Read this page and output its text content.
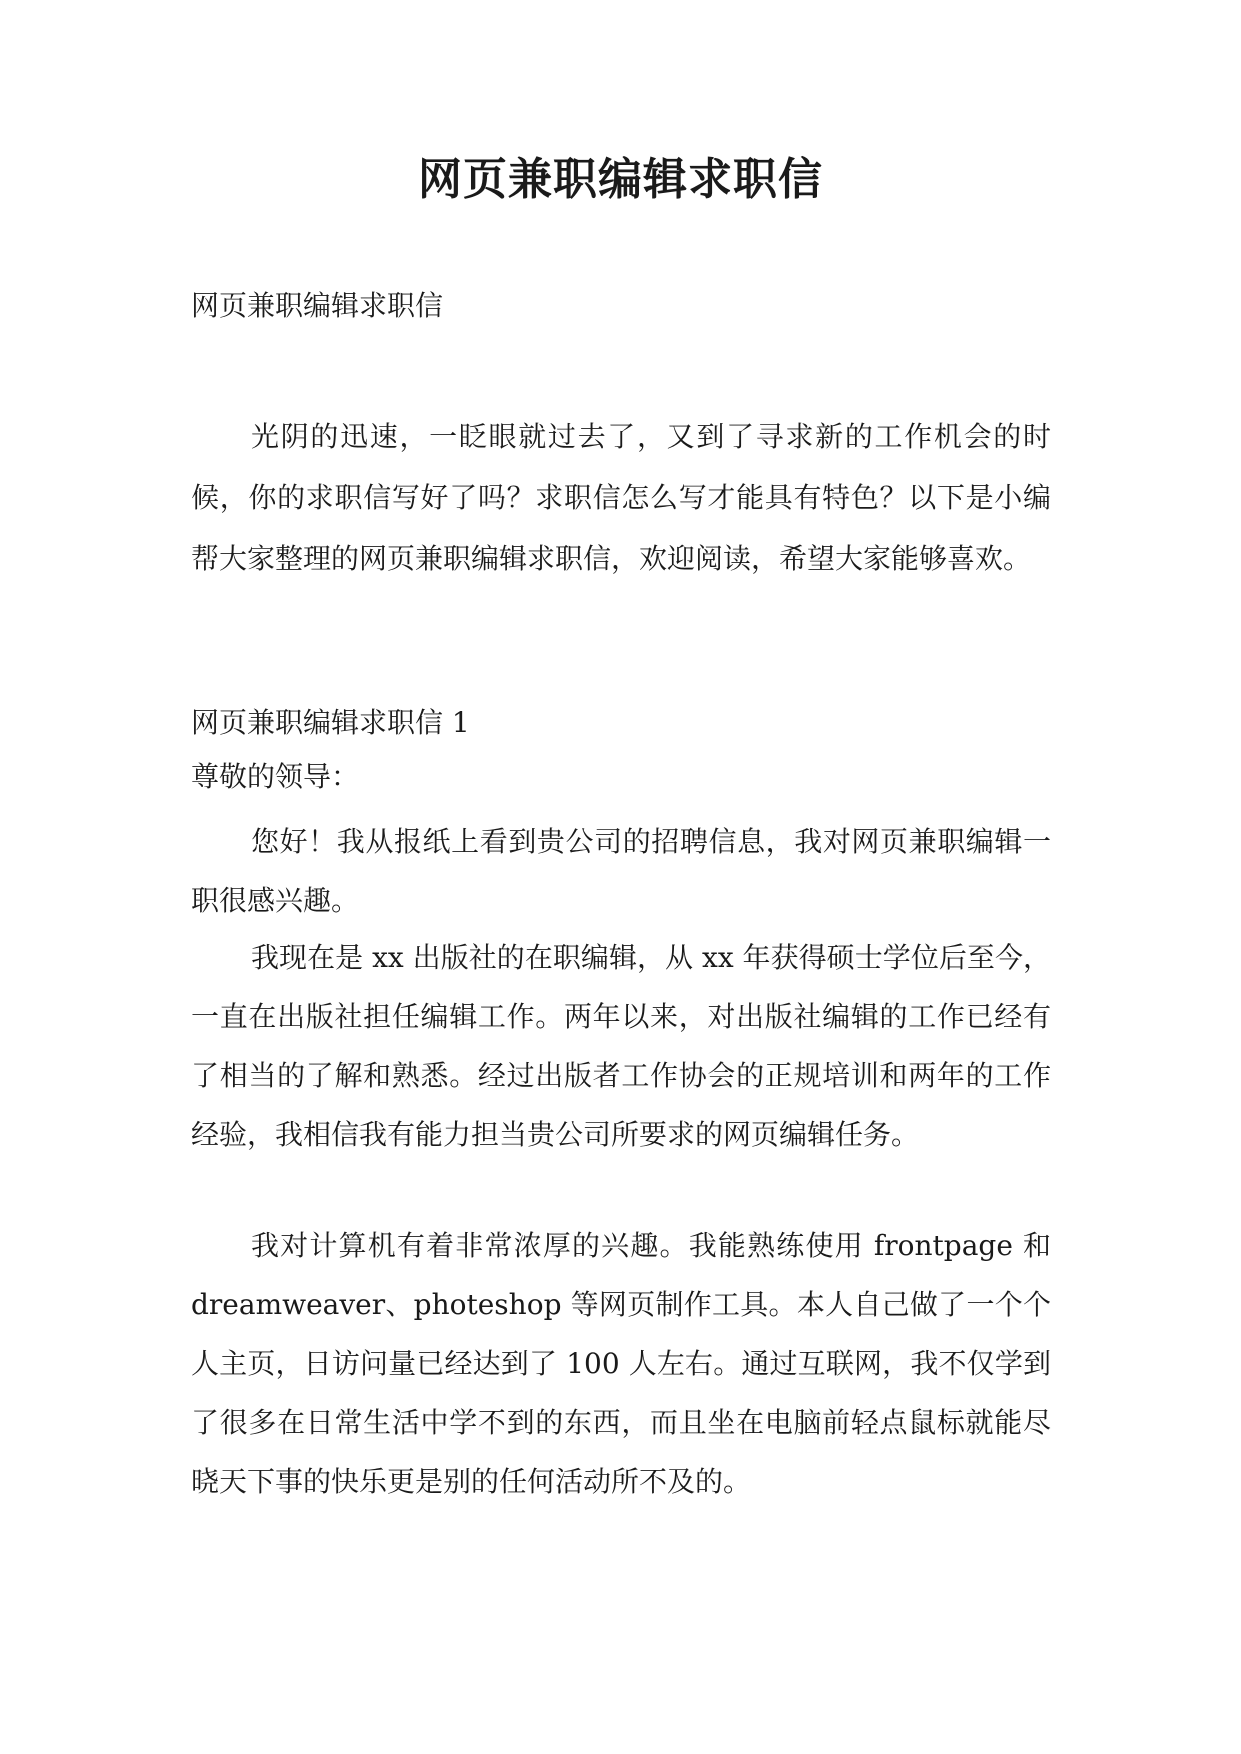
网页兼职编辑求职信

网页兼职编辑求职信

光阴的迅速，一眨眼就过去了，又到了寻求新的工作机会的时候，你的求职信写好了吗？求职信怎么写才能具有特色？以下是小编帮大家整理的网页兼职编辑求职信，欢迎阅读，希望大家能够喜欢。

网页兼职编辑求职信 1

尊敬的领导：

您好！我从报纸上看到贵公司的招聘信息，我对网页兼职编辑一职很感兴趣。

我现在是 xx 出版社的在职编辑，从 xx 年获得硕士学位后至今，一直在出版社担任编辑工作。两年以来，对出版社编辑的工作已经有了相当的了解和熟悉。经过出版者工作协会的正规培训和两年的工作经验，我相信我有能力担当贵公司所要求的网页编辑任务。

我对计算机有着非常浓厚的兴趣。我能熟练使用 frontpage 和 dreamweaver、photeshop 等网页制作工具。本人自己做了一个个人主页，日访问量已经达到了 100 人左右。通过互联网，我不仅学到了很多在日常生活中学不到的东西，而且坐在电脑前轻点鼠标就能尽晓天下事的快乐更是别的任何活动所不及的。
